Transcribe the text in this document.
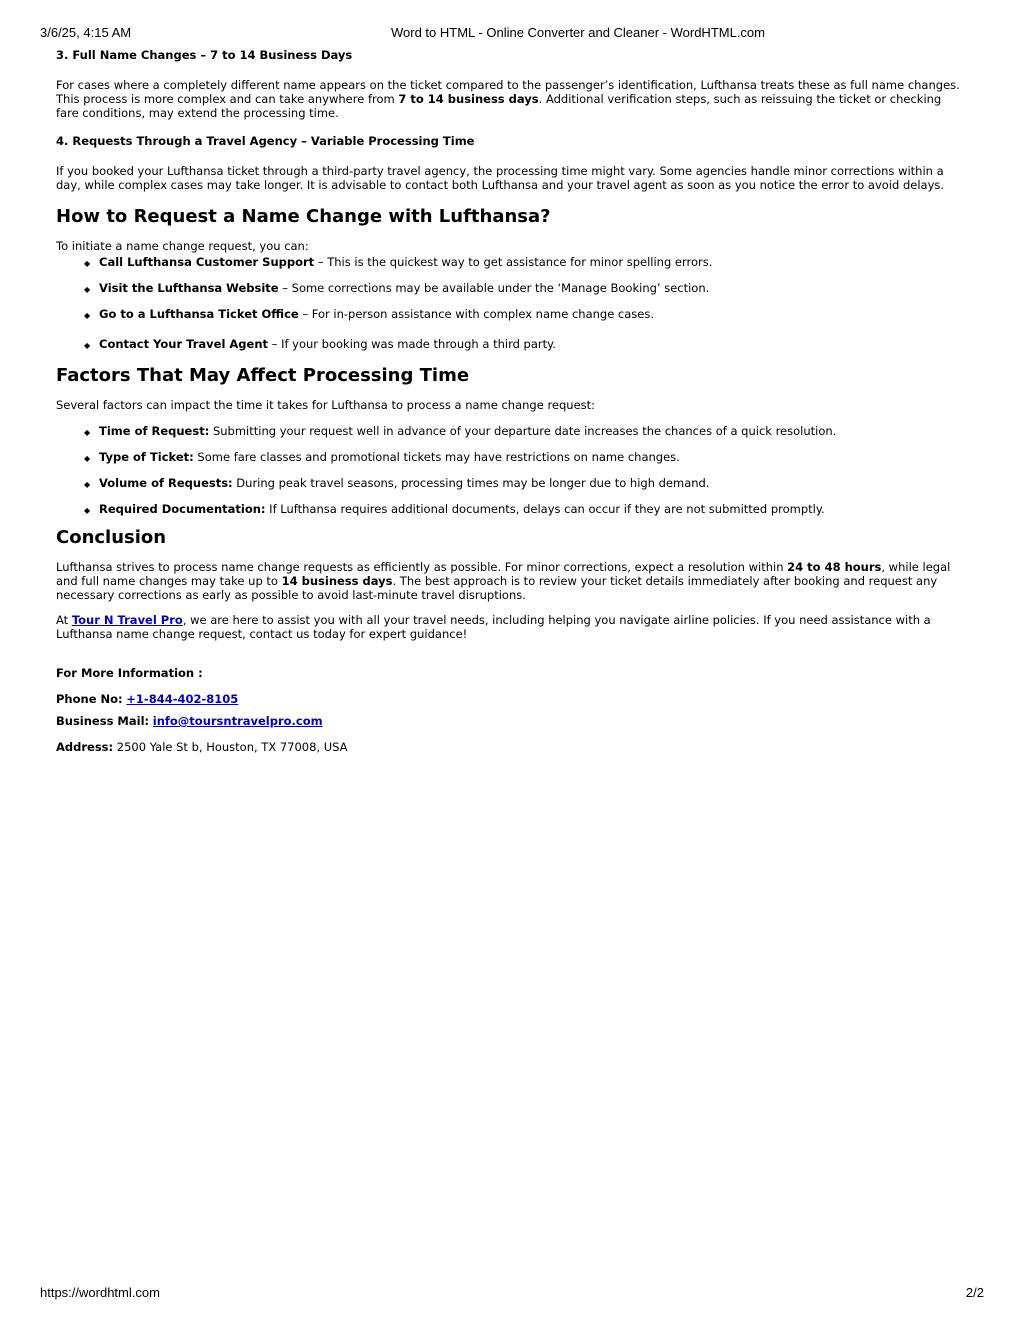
3/6/25, 4:15 AM	Word to HTML - Online Converter and Cleaner - WordHTML.com

3. Full Name Changes – 7 to 14 Business Days

For cases where a completely different name appears on the ticket compared to the passenger’s identification, Lufthansa treats these as full name changes. This process is more complex and can take anywhere from 7 to 14 business days. Additional verification steps, such as reissuing the ticket or checking fare conditions, may extend the processing time.

4. Requests Through a Travel Agency – Variable Processing Time

If you booked your Lufthansa ticket through a third-party travel agency, the processing time might vary. Some agencies handle minor corrections within a day, while complex cases may take longer. It is advisable to contact both Lufthansa and your travel agent as soon as you notice the error to avoid delays.

How to Request a Name Change with Lufthansa?

To initiate a name change request, you can:

◆ Call Lufthansa Customer Support – This is the quickest way to get assistance for minor spelling errors.
◆ Visit the Lufthansa Website – Some corrections may be available under the ‘Manage Booking’ section.
◆ Go to a Lufthansa Ticket Office – For in-person assistance with complex name change cases.
◆ Contact Your Travel Agent – If your booking was made through a third party.

Factors That May Affect Processing Time

Several factors can impact the time it takes for Lufthansa to process a name change request:

◆ Time of Request: Submitting your request well in advance of your departure date increases the chances of a quick resolution.
◆ Type of Ticket: Some fare classes and promotional tickets may have restrictions on name changes.
◆ Volume of Requests: During peak travel seasons, processing times may be longer due to high demand.
◆ Required Documentation: If Lufthansa requires additional documents, delays can occur if they are not submitted promptly.

Conclusion

Lufthansa strives to process name change requests as efficiently as possible. For minor corrections, expect a resolution within 24 to 48 hours, while legal and full name changes may take up to 14 business days. The best approach is to review your ticket details immediately after booking and request any necessary corrections as early as possible to avoid last-minute travel disruptions.

At Tour N Travel Pro, we are here to assist you with all your travel needs, including helping you navigate airline policies. If you need assistance with a Lufthansa name change request, contact us today for expert guidance!

For More Information :

Phone No: +1-844-402-8105

Business Mail: info@toursntravelpro.com

Address: 2500 Yale St b, Houston, TX 77008, USA

https://wordhtml.com	2/2
